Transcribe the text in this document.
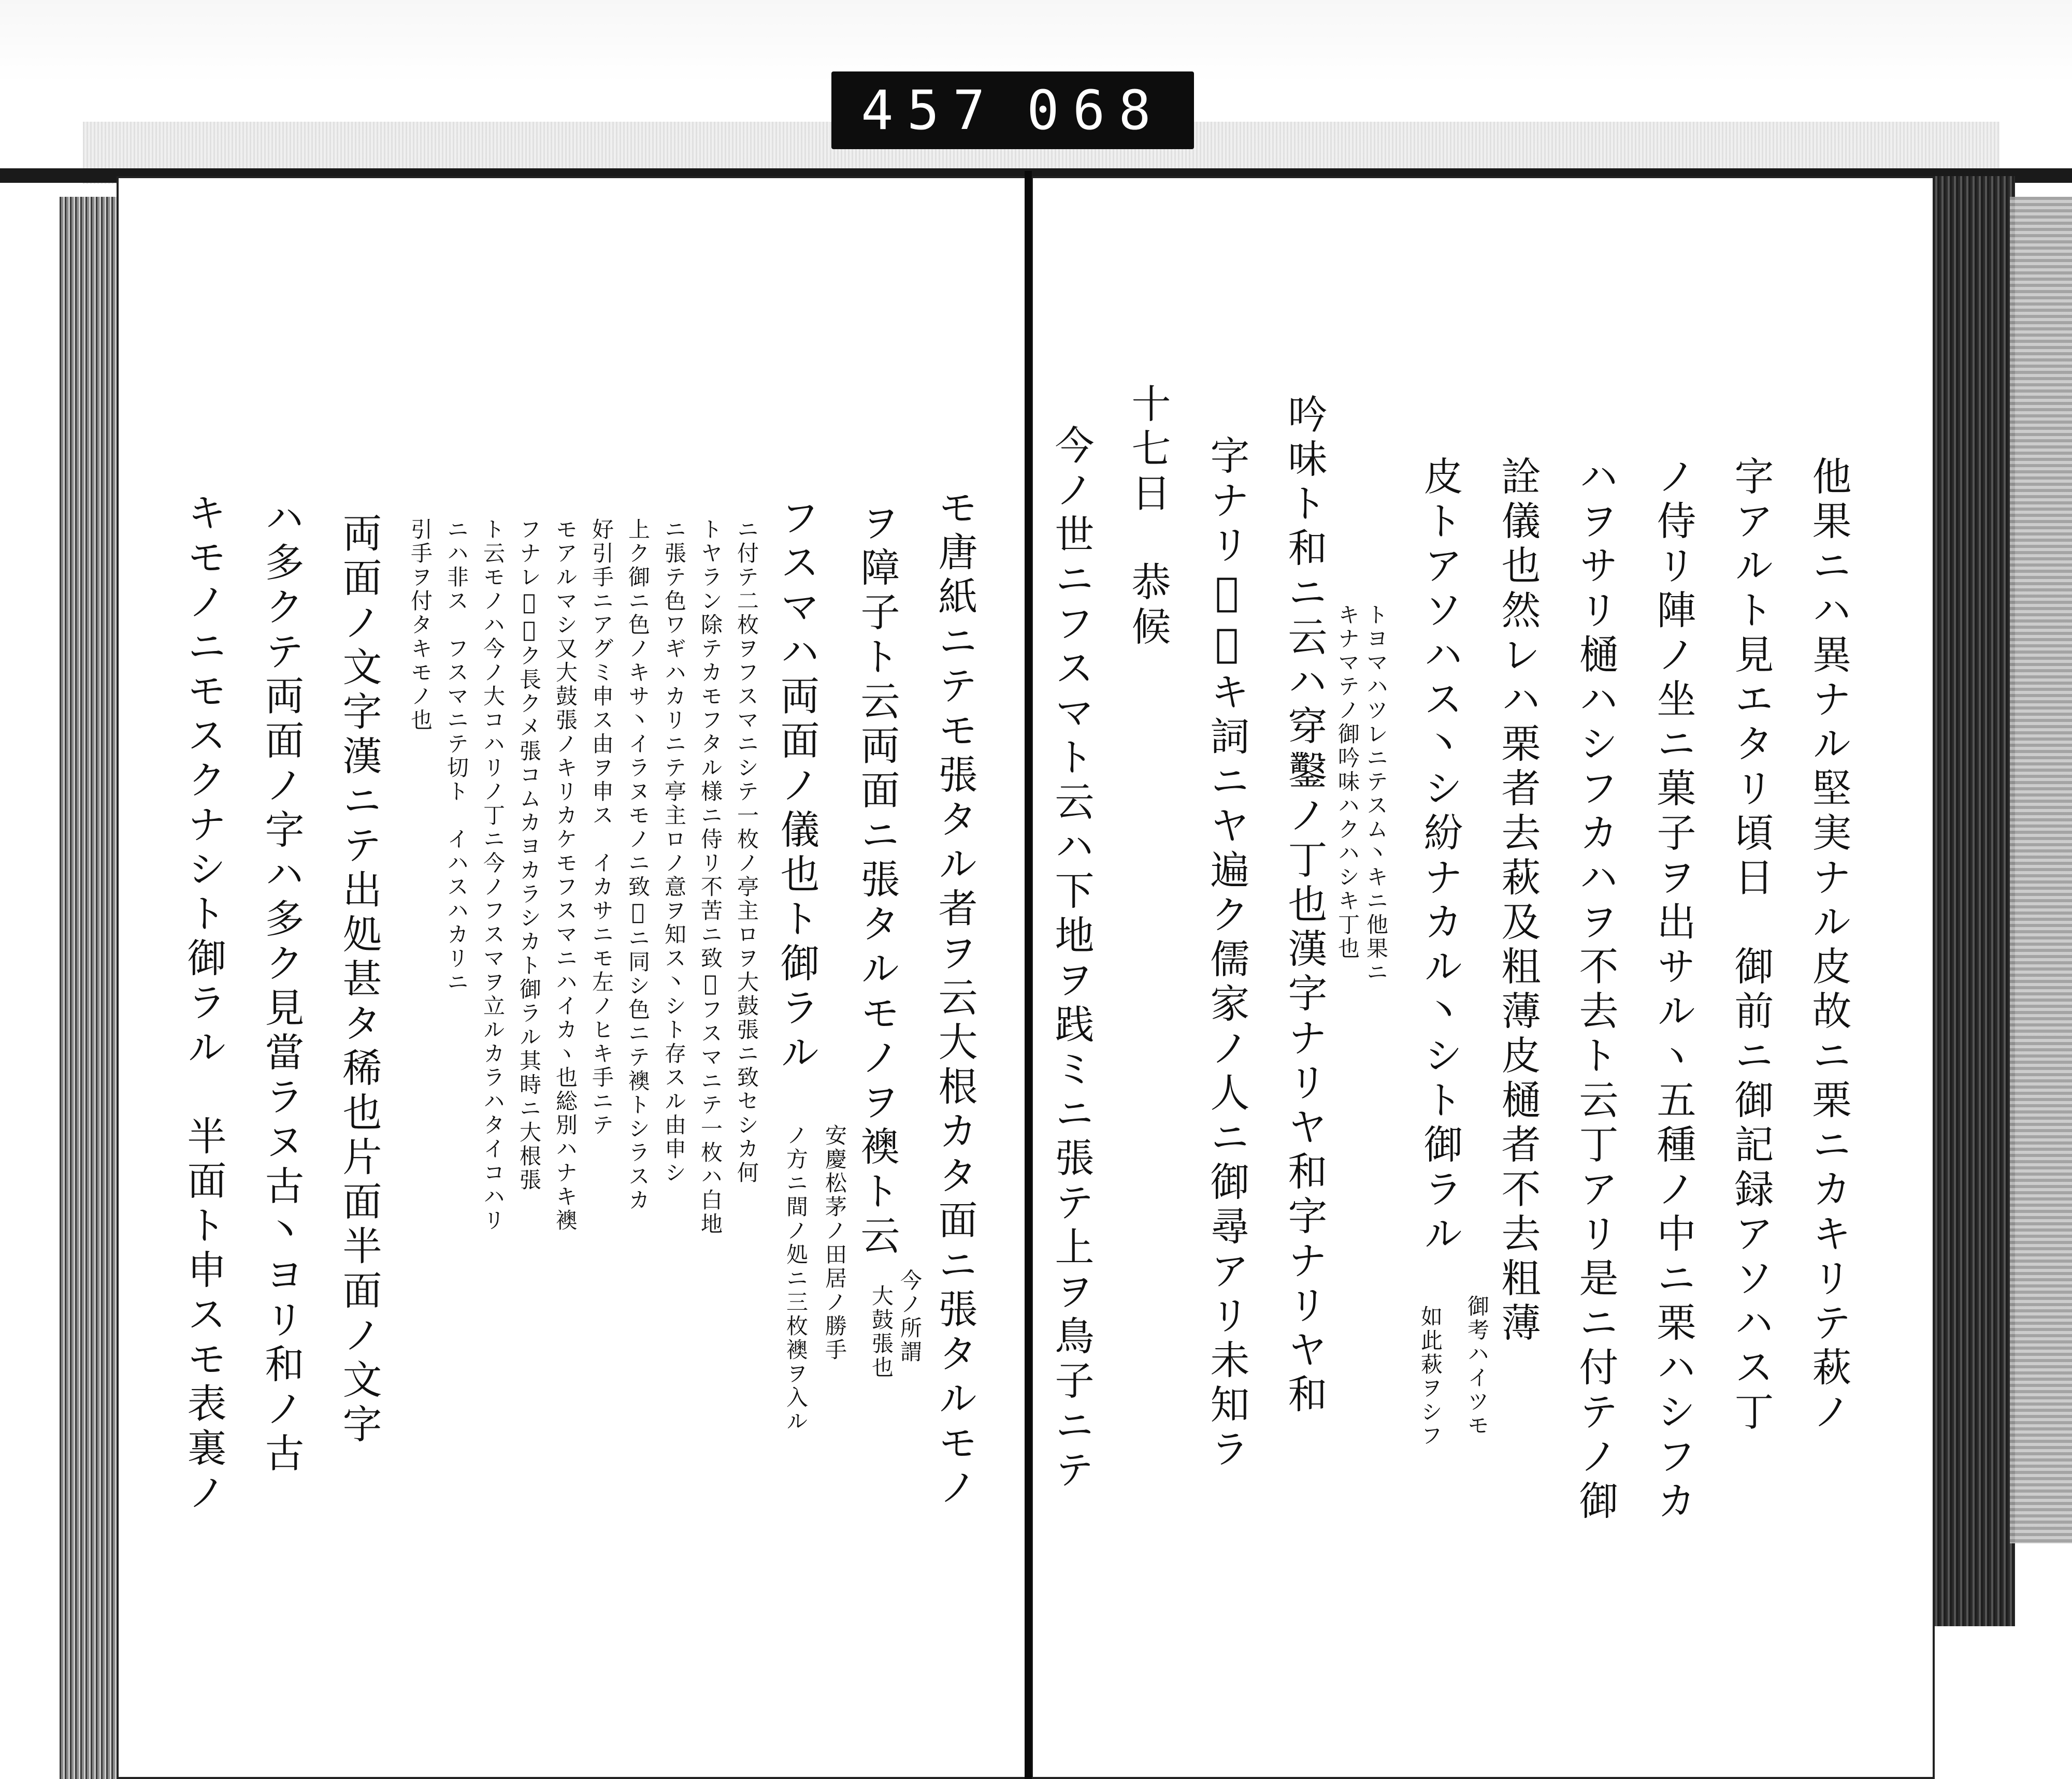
457 068
他果ニハ異ナル堅実ナル皮故ニ栗ニカキリテ萩ノ
字アルト見エタリ頃日　御前ニ御記録アソハス丁
ノ侍リ陣ノ坐ニ菓子ヲ出サルヽ五種ノ中ニ栗ハシフカ
ハヲサリ樋ハシフカハヲ不去ト云丁アリ是ニ付テノ御
詮儀也然レハ栗者去萩及粗薄皮樋者不去粗薄
皮トアソハス丶シ紛ナカル丶シト御ラル
御考ハイツモ
如此萩ヲシフ
トヨマハツレニテスム丶キニ他果ニ
キナマテノ御吟味ハクハシキ丁也
吟味ト和ニ云ハ穿鑿ノ丁也漢字ナリヤ和字ナリヤ和
字ナリ𪜈古キ詞ニヤ遍ク儒家ノ人ニ御尋アリ未知ラ
十七日　恭候
今ノ世ニフスマト云ハ下地ヲ践ミニ張テ上ヲ鳥子ニテ
モ唐紙ニテモ張タル者ヲ云大根カタ面ニ張タルモノ
ヲ障子ト云両面ニ張タルモノヲ襖ト云
今ノ所謂
大鼓張也
フスマハ両面ノ儀也ト御ラル
安慶松茅ノ田居ノ勝手
ノ方ニ間ノ処ニ三枚襖ヲ入ル
ニ付テ二枚ヲフスマニシテ一枚ノ亭主ロヲ大鼓張ニ致セシカ何
トヤラン除テカモフタル様ニ侍リ不苦ニ致𪜈フスマニテ一枚ハ白地
ニ張テ色ワギハカリニテ亭主ロノ意ヲ知ス丶シト存スル由申シ
上ク御ニ色ノキサ丶イラヌモノニ致𪜈ニ同シ色ニテ襖トシラスカ
好引手ニアグミ申ス由ヲ申ス　イカサニモ左ノヒキ手ニテ
モアルマシ又大鼓張ノキリカケモフスマニハイカヽ也総別ハナキ襖
フナレ𪜈細ク長クメ張コムカヨカラシカト御ラル其時ニ大根張
ト云モノハ今ノ大コハリノ丁ニ今ノフスマヲ立ルカラハタイコハリ
ニハ非ス　フスマニテ切ト　イハスハカリニ
引手ヲ付タキモノ也
両面ノ文字漢ニテ出処甚タ稀也片面半面ノ文字
ハ多クテ両面ノ字ハ多ク見當ラヌ古丶ヨリ和ノ古
キモノニモスクナシト御ラル　半面ト申スモ表裏ノ
